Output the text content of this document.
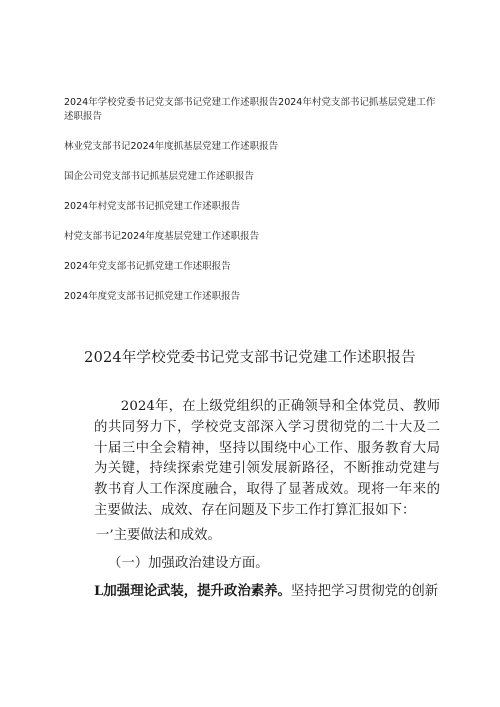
2024年学校党委书记党支部书记党建工作述职报告2024年村党支部书记抓基层党建工作述职报告

林业党支部书记2024年度抓基层党建工作述职报告

国企公司党支部书记抓基层党建工作述职报告

2024年村党支部书记抓党建工作述职报告

村党支部书记2024年度基层党建工作述职报告

2024年党支部书记抓党建工作述职报告

2024年度党支部书记抓党建工作述职报告

2024年学校党委书记党支部书记党建工作述职报告

2024年，在上级党组织的正确领导和全体党员、教师的共同努力下，学校党支部深入学习贯彻党的二十大及二十届三中全会精神，坚持以围绕中心工作、服务教育大局为关键，持续探索党建引领发展新路径，不断推动党建与教书育人工作深度融合，取得了显著成效。现将一年来的主要做法、成效、存在问题及下步工作打算汇报如下：

一’主要做法和成效。

（一）加强政治建设方面。

L加强理论武装，提升政治素养。坚持把学习贯彻党的创新
